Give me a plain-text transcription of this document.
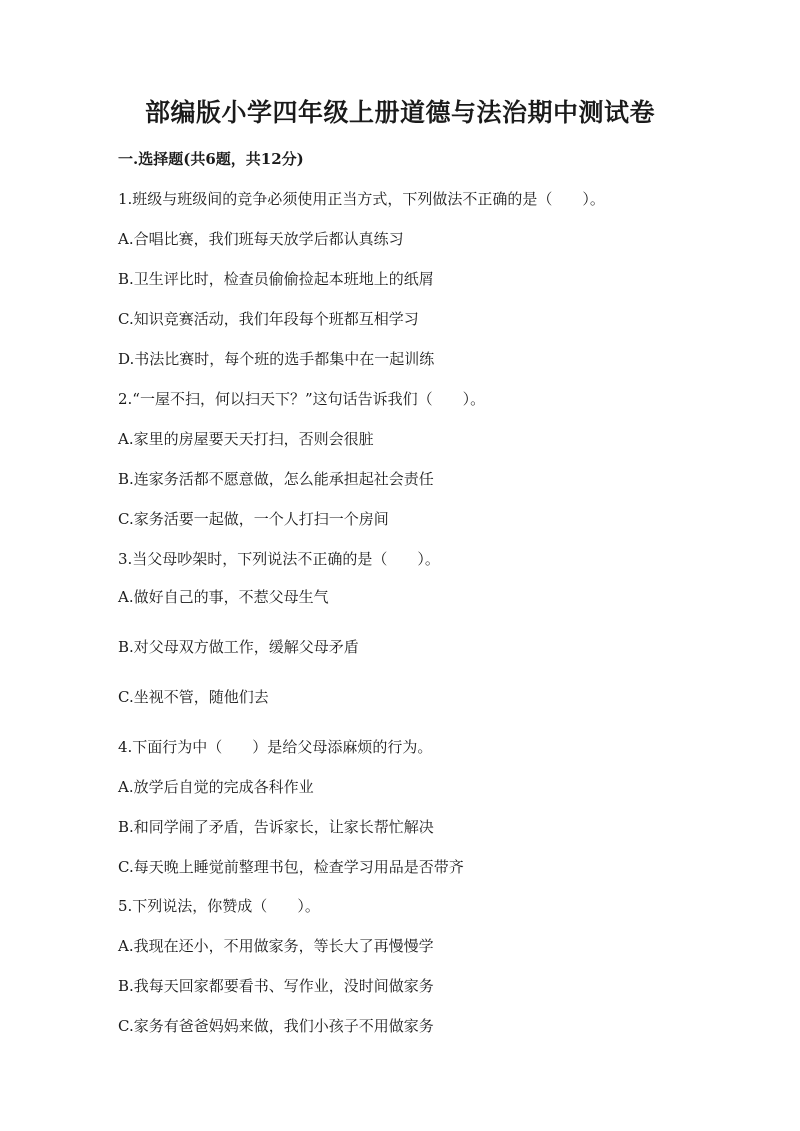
部编版小学四年级上册道德与法治期中测试卷
一.选择题(共6题，共12分)
1.班级与班级间的竞争必须使用正当方式，下列做法不正确的是（　　）。
A.合唱比赛，我们班每天放学后都认真练习
B.卫生评比时，检查员偷偷捡起本班地上的纸屑
C.知识竞赛活动，我们年段每个班都互相学习
D.书法比赛时，每个班的选手都集中在一起训练
2.“一屋不扫，何以扫天下？”这句话告诉我们（　　）。
A.家里的房屋要天天打扫，否则会很脏
B.连家务活都不愿意做，怎么能承担起社会责任
C.家务活要一起做，一个人打扫一个房间
3.当父母吵架时，下列说法不正确的是（　　）。
A.做好自己的事，不惹父母生气
B.对父母双方做工作，缓解父母矛盾
C.坐视不管，随他们去
4.下面行为中（　　）是给父母添麻烦的行为。
A.放学后自觉的完成各科作业
B.和同学闹了矛盾，告诉家长，让家长帮忙解决
C.每天晚上睡觉前整理书包，检查学习用品是否带齐
5.下列说法，你赞成（　　）。
A.我现在还小，不用做家务，等长大了再慢慢学
B.我每天回家都要看书、写作业，没时间做家务
C.家务有爸爸妈妈来做，我们小孩子不用做家务
